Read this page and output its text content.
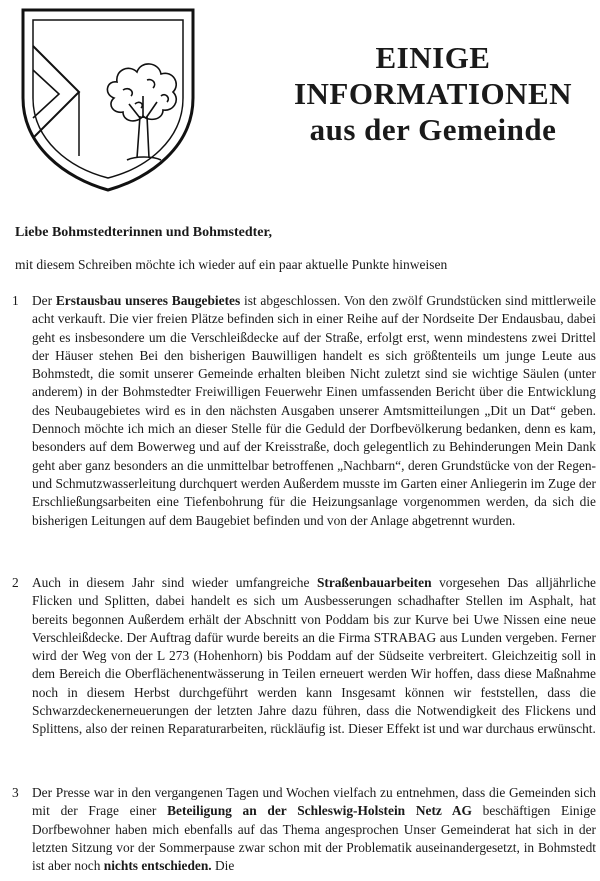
EINIGE
INFORMATIONEN
aus der Gemeinde
Liebe Bohmstedterinnen und Bohmstedter,
mit diesem Schreiben möchte ich wieder auf ein paar aktuelle Punkte hinweisen
1 Der Erstausbau unseres Baugebietes ist abgeschlossen. Von den zwölf Grundstücken sind mittlerweile acht verkauft. Die vier freien Plätze befinden sich in einer Reihe auf der Nordseite Der Endausbau, dabei geht es insbesondere um die Verschleißdecke auf der Straße, erfolgt erst, wenn mindestens zwei Drittel der Häuser stehen Bei den bisherigen Bauwilligen handelt es sich größtenteils um junge Leute aus Bohmstedt, die somit unserer Gemeinde erhalten bleiben Nicht zuletzt sind sie wichtige Säulen (unter anderem) in der Bohmstedter Freiwilligen Feuerwehr Einen umfassenden Bericht über die Entwicklung des Neubaugebietes wird es in den nächsten Ausgaben unserer Amtsmitteilungen „Dit un Dat“ geben. Dennoch möchte ich mich an dieser Stelle für die Geduld der Dorfbevölkerung bedanken, denn es kam, besonders auf dem Bowerweg und auf der Kreisstraße, doch gelegentlich zu Behinderungen Mein Dank geht aber ganz besonders an die unmittelbar betroffenen „Nachbarn“, deren Grundstücke von der Regen- und Schmutzwasserleitung durchquert werden Außerdem musste im Garten einer Anliegerin im Zuge der Erschließungsarbeiten eine Tiefenbohrung für die Heizungsanlage vorgenommen werden, da sich die bisherigen Leitungen auf dem Baugebiet befinden und von der Anlage abgetrennt wurden.
2 Auch in diesem Jahr sind wieder umfangreiche Straßenbauarbeiten vorgesehen Das alljährliche Flicken und Splitten, dabei handelt es sich um Ausbesserungen schadhafter Stellen im Asphalt, hat bereits begonnen Außerdem erhält der Abschnitt von Poddam bis zur Kurve bei Uwe Nissen eine neue Verschleißdecke. Der Auftrag dafür wurde bereits an die Firma STRABAG aus Lunden vergeben. Ferner wird der Weg von der L 273 (Hohenhorn) bis Poddam auf der Südseite verbreitert. Gleichzeitig soll in dem Bereich die Oberflächenentwässerung in Teilen erneuert werden Wir hoffen, dass diese Maßnahme noch in diesem Herbst durchgeführt werden kann Insgesamt können wir feststellen, dass die Schwarzdeckenerneuerungen der letzten Jahre dazu führen, dass die Notwendigkeit des Flickens und Splittens, also der reinen Reparaturarbeiten, rückläufig ist. Dieser Effekt ist und war durchaus erwünscht.
3 Der Presse war in den vergangenen Tagen und Wochen vielfach zu entnehmen, dass die Gemeinden sich mit der Frage einer Beteiligung an der Schleswig-Holstein Netz AG beschäftigen Einige Dorfbewohner haben mich ebenfalls auf das Thema angesprochen Unser Gemeinderat hat sich in der letzten Sitzung vor der Sommerpause zwar schon mit der Problematik auseinandergesetzt, in Bohmstedt ist aber noch nichts entschieden. Die
